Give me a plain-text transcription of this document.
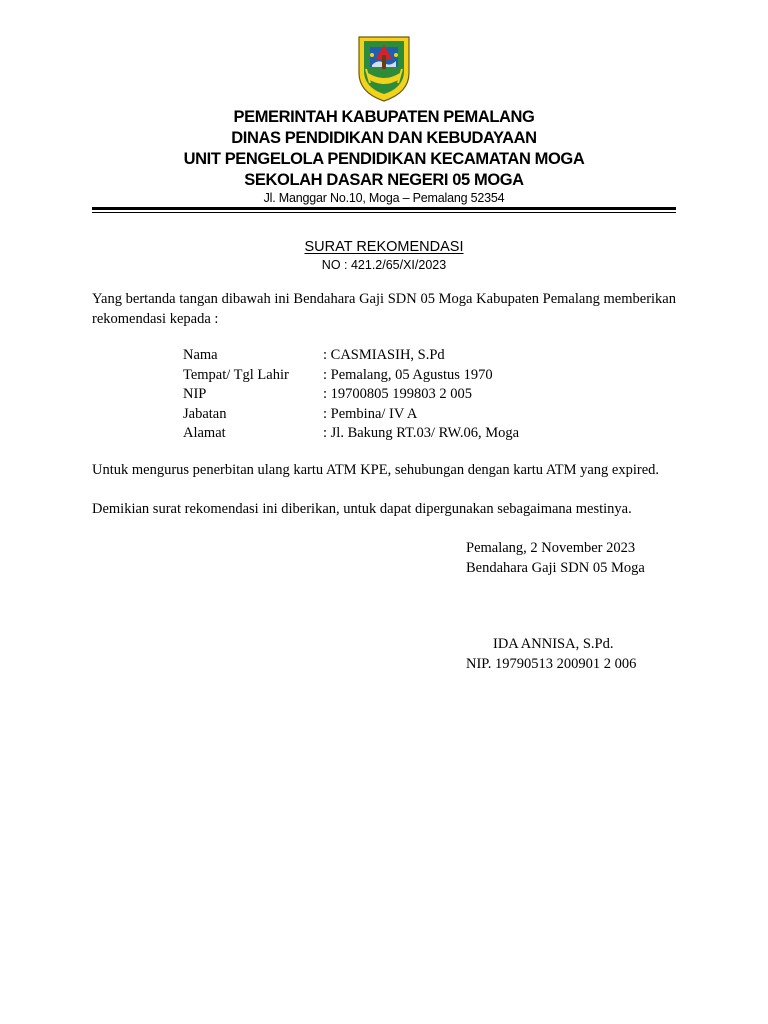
PEMERINTAH KABUPATEN PEMALANG
DINAS PENDIDIKAN DAN KEBUDAYAAN
UNIT PENGELOLA PENDIDIKAN KECAMATAN MOGA
SEKOLAH DASAR NEGERI 05 MOGA
Jl. Manggar No.10, Moga – Pemalang 52354
SURAT REKOMENDASI
NO : 421.2/65/XI/2023
Yang bertanda tangan dibawah ini Bendahara Gaji SDN 05 Moga Kabupaten Pemalang memberikan rekomendasi kepada :
Nama	: CASMIASIH, S.Pd
Tempat/ Tgl Lahir	: Pemalang, 05 Agustus 1970
NIP	: 19700805 199803 2 005
Jabatan	: Pembina/ IV A
Alamat	: Jl. Bakung RT.03/ RW.06, Moga
Untuk mengurus penerbitan ulang kartu ATM KPE, sehubungan dengan kartu ATM yang expired.
Demikian surat rekomendasi ini diberikan, untuk dapat dipergunakan sebagaimana mestinya.
Pemalang, 2 November 2023
Bendahara Gaji SDN 05 Moga
IDA ANNISA, S.Pd.
NIP. 19790513 200901 2 006
